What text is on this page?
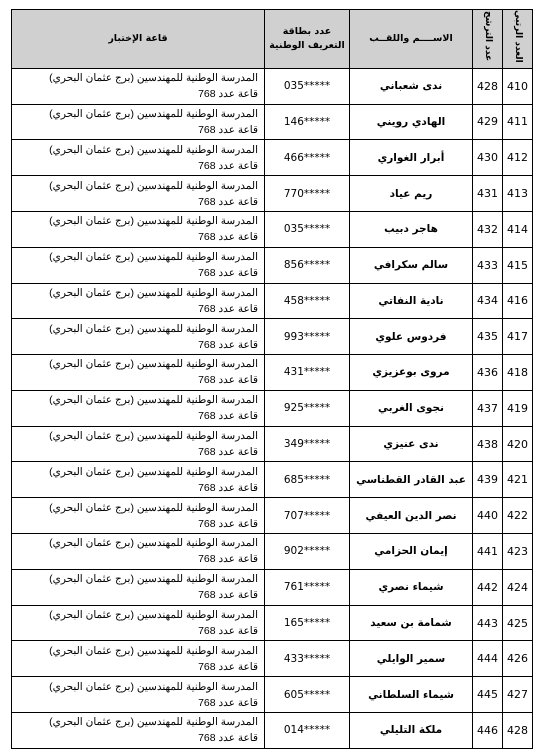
العدد الرتبي	عدد الترشح	الاســــم واللقــب	عدد بطاقة التعريف الوطنية	قاعة الإختبار
410	428	ندى شعباني	035*****	المدرسة الوطنية للمهندسين (برج عثمان البحري)
قاعة عدد 768

411	429	الهادي رويني	146*****	المدرسة الوطنية للمهندسين (برج عثمان البحري)
قاعة عدد 768

412	430	أبرار الغواري	466*****	المدرسة الوطنية للمهندسين (برج عثمان البحري)
قاعة عدد 768

413	431	ريم عياد	770*****	المدرسة الوطنية للمهندسين (برج عثمان البحري)
قاعة عدد 768

414	432	هاجر دبيب	035*****	المدرسة الوطنية للمهندسين (برج عثمان البحري)
قاعة عدد 768

415	433	سالم سكرافي	856*****	المدرسة الوطنية للمهندسين (برج عثمان البحري)
قاعة عدد 768

416	434	نادية النفاتي	458*****	المدرسة الوطنية للمهندسين (برج عثمان البحري)
قاعة عدد 768

417	435	فردوس علوي	993*****	المدرسة الوطنية للمهندسين (برج عثمان البحري)
قاعة عدد 768

418	436	مروى بوعزيزي	431*****	المدرسة الوطنية للمهندسين (برج عثمان البحري)
قاعة عدد 768

419	437	نجوى الغربي	925*****	المدرسة الوطنية للمهندسين (برج عثمان البحري)
قاعة عدد 768

420	438	ندى عنيزي	349*****	المدرسة الوطنية للمهندسين (برج عثمان البحري)
قاعة عدد 768

421	439	عبد القادر القطناسي	685*****	المدرسة الوطنية للمهندسين (برج عثمان البحري)
قاعة عدد 768

422	440	نصر الدين العيفي	707*****	المدرسة الوطنية للمهندسين (برج عثمان البحري)
قاعة عدد 768

423	441	إيمان الحزامي	902*****	المدرسة الوطنية للمهندسين (برج عثمان البحري)
قاعة عدد 768

424	442	شيماء نصري	761*****	المدرسة الوطنية للمهندسين (برج عثمان البحري)
قاعة عدد 768

425	443	شمامة بن سعيد	165*****	المدرسة الوطنية للمهندسين (برج عثمان البحري)
قاعة عدد 768

426	444	سمير الوايلي	433*****	المدرسة الوطنية للمهندسين (برج عثمان البحري)
قاعة عدد 768

427	445	شيماء السلطاني	605*****	المدرسة الوطنية للمهندسين (برج عثمان البحري)
قاعة عدد 768

428	446	ملكة التليلي	014*****	المدرسة الوطنية للمهندسين (برج عثمان البحري)
قاعة عدد 768
